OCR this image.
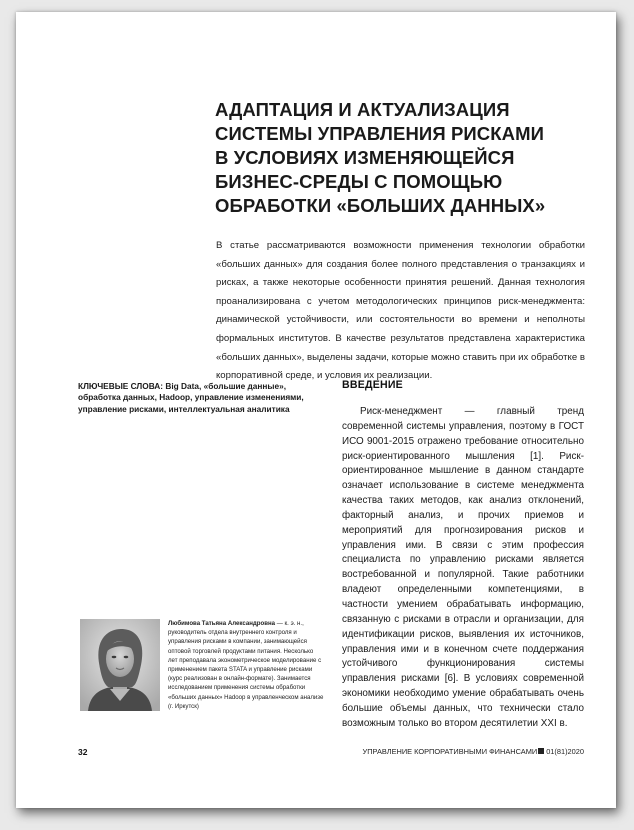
АДАПТАЦИЯ И АКТУАЛИЗАЦИЯ
СИСТЕМЫ УПРАВЛЕНИЯ РИСКАМИ
В УСЛОВИЯХ ИЗМЕНЯЮЩЕЙСЯ
БИЗНЕС-СРЕДЫ С ПОМОЩЬЮ
ОБРАБОТКИ «БОЛЬШИХ ДАННЫХ»

В статье рассматриваются возможности применения технологии обработки «больших данных» для создания более полного представления о транзакциях и рисках, а также некоторые особенности принятия решений. Данная технология проанализирована с учетом методологических принципов риск-менеджмента: динамической устойчивости, или состоятельности во времени и неполноты формальных институтов. В качестве результатов представлена характеристика «больших данных», выделены задачи, которые можно ставить при их обработке в корпоративной среде, и условия их реализации.

КЛЮЧЕВЫЕ СЛОВА: Big Data, «большие данные», обработка данных, Hadoop, управление изменениями, управление рисками, интеллектуальная аналитика

ВВЕДЕНИЕ

Риск-менеджмент — главный тренд современной системы управления, поэтому в ГОСТ ИСО 9001-2015 отражено требование относительно риск-ориентированного мышления [1]. Риск-ориентированное мышление в данном стандарте означает использование в системе менеджмента качества таких методов, как анализ отклонений, факторный анализ, и прочих приемов и мероприятий для прогнозирования рисков и управления ими. В связи с этим профессия специалиста по управлению рисками является востребованной и популярной. Такие работники владеют определенными компетенциями, в частности умением обрабатывать информацию, связанную с рисками в отрасли и организации, для идентификации рисков, выявления их источников, управления ими и в конечном счете поддержания устойчивого функционирования системы управления рисками [6]. В условиях современной экономики необходимо умение обрабатывать очень большие объемы данных, что технически стало возможным только во втором десятилетии XXI в.

Любимова Татьяна Александровна — к. э. н., руководитель отдела внутреннего контроля и управления рисками в компании, занимающейся оптовой торговлей продуктами питания. Несколько лет преподавала эконометрическое моделирование с применением пакета STATA и управление рисками (курс реализован в онлайн-формате). Занимается исследованием применения системы обработки «больших данных» Hadoop в управленческом анализе (г. Иркутск)

32	УПРАВЛЕНИЕ КОРПОРАТИВНЫМИ ФИНАНСАМИ 01(81)2020
